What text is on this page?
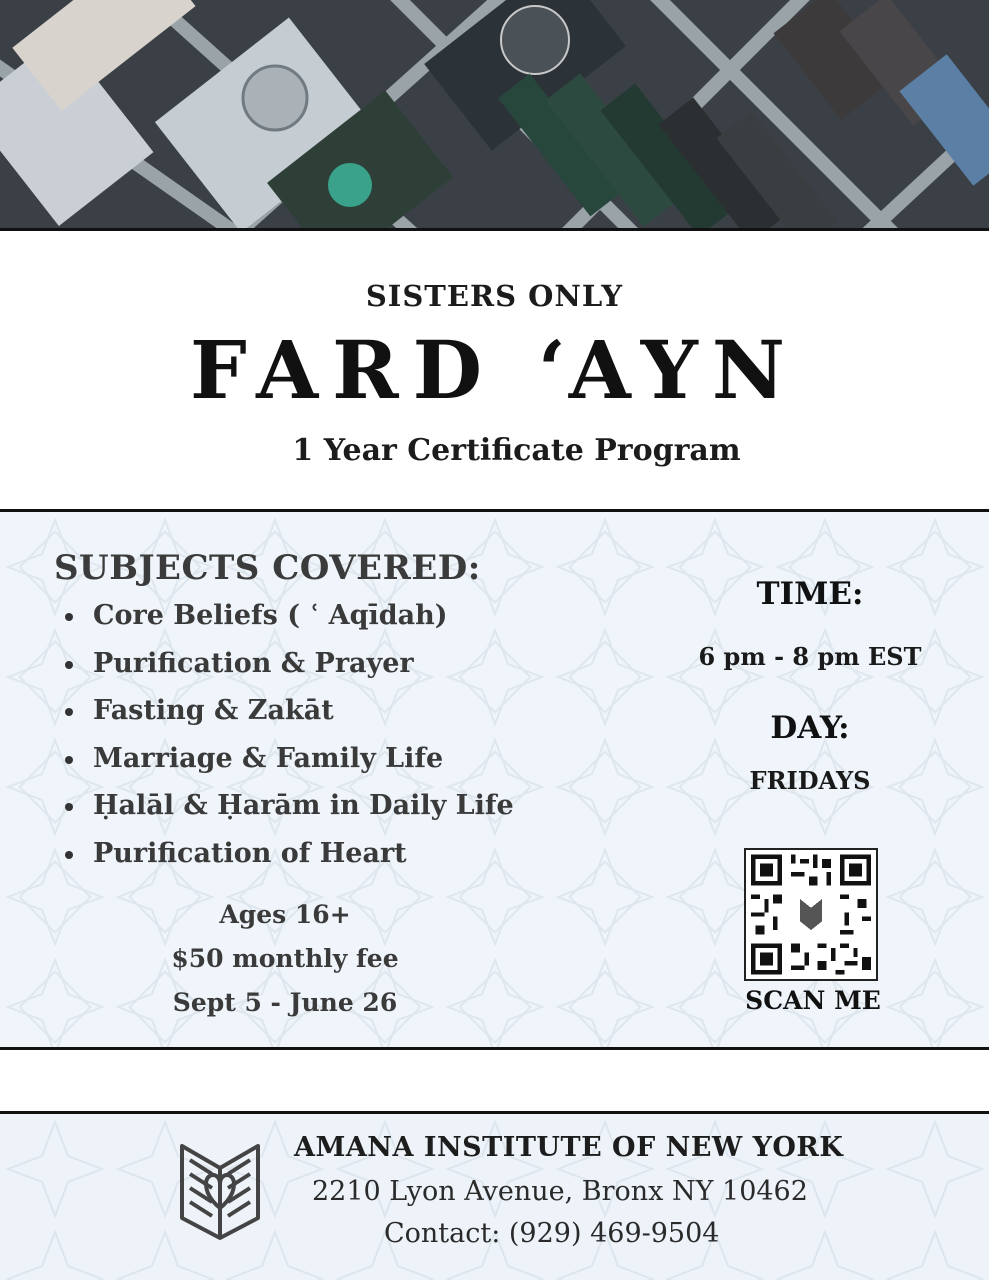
SISTERS ONLY
FARD ‘AYN
1 Year Certificate Program
SUBJECTS COVERED:
Core Beliefs ( ʿ Aqīdah)
Purification & Prayer
Fasting & Zakāt
Marriage & Family Life
Ḥalāl & Ḥarām in Daily Life
Purification of Heart
Ages 16+
$50 monthly fee
Sept 5 - June 26
TIME:
6 pm - 8 pm EST
DAY:
FRIDAYS
SCAN ME
AMANA INSTITUTE OF NEW YORK
2210 Lyon Avenue, Bronx NY 10462
Contact: (929) 469-9504
